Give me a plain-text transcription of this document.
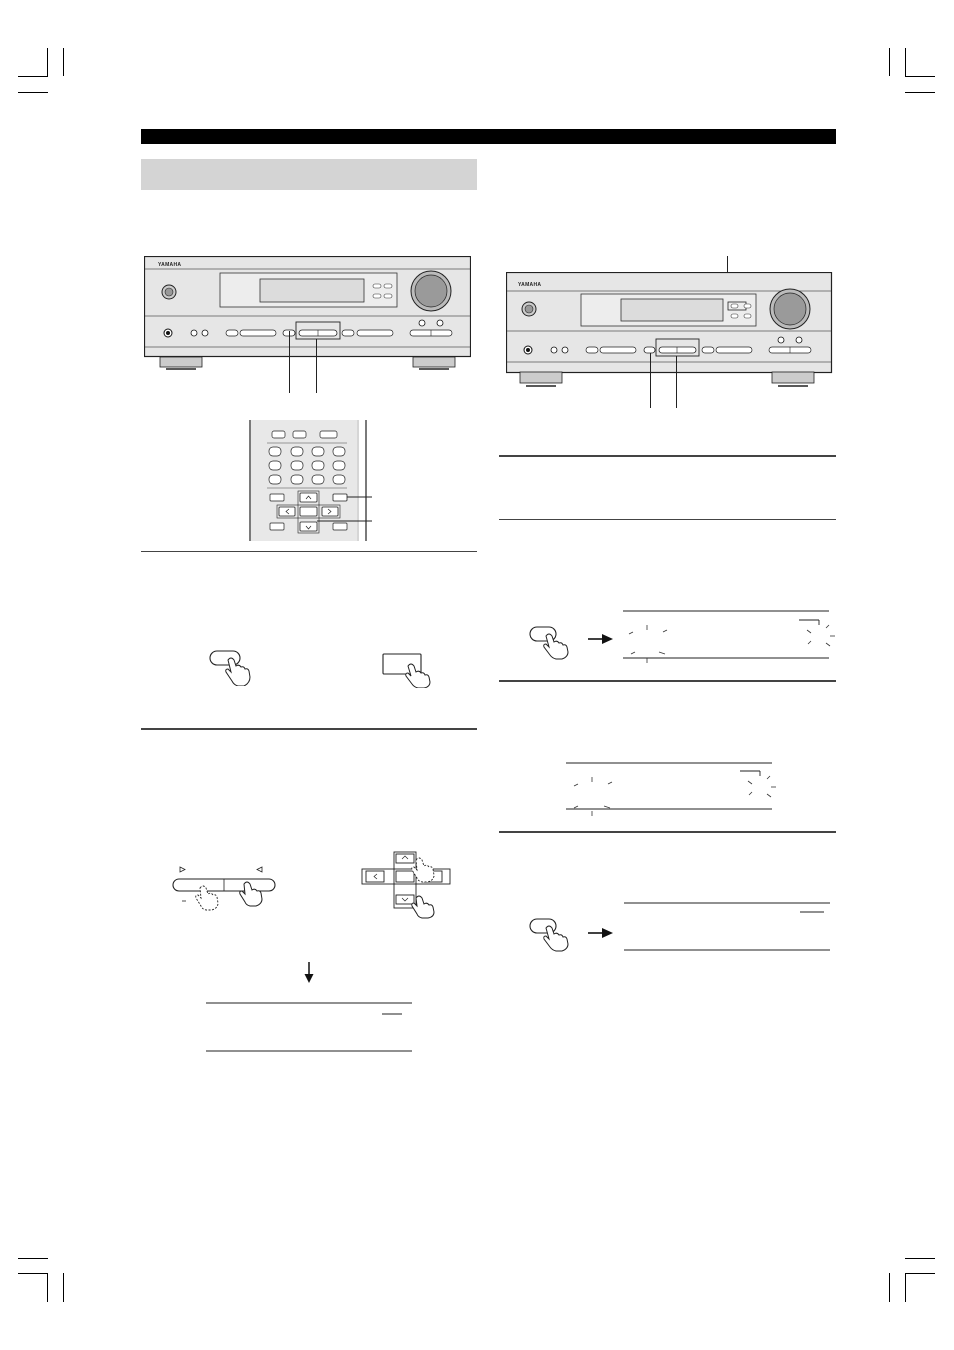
YAMAHA
YAMAHA
